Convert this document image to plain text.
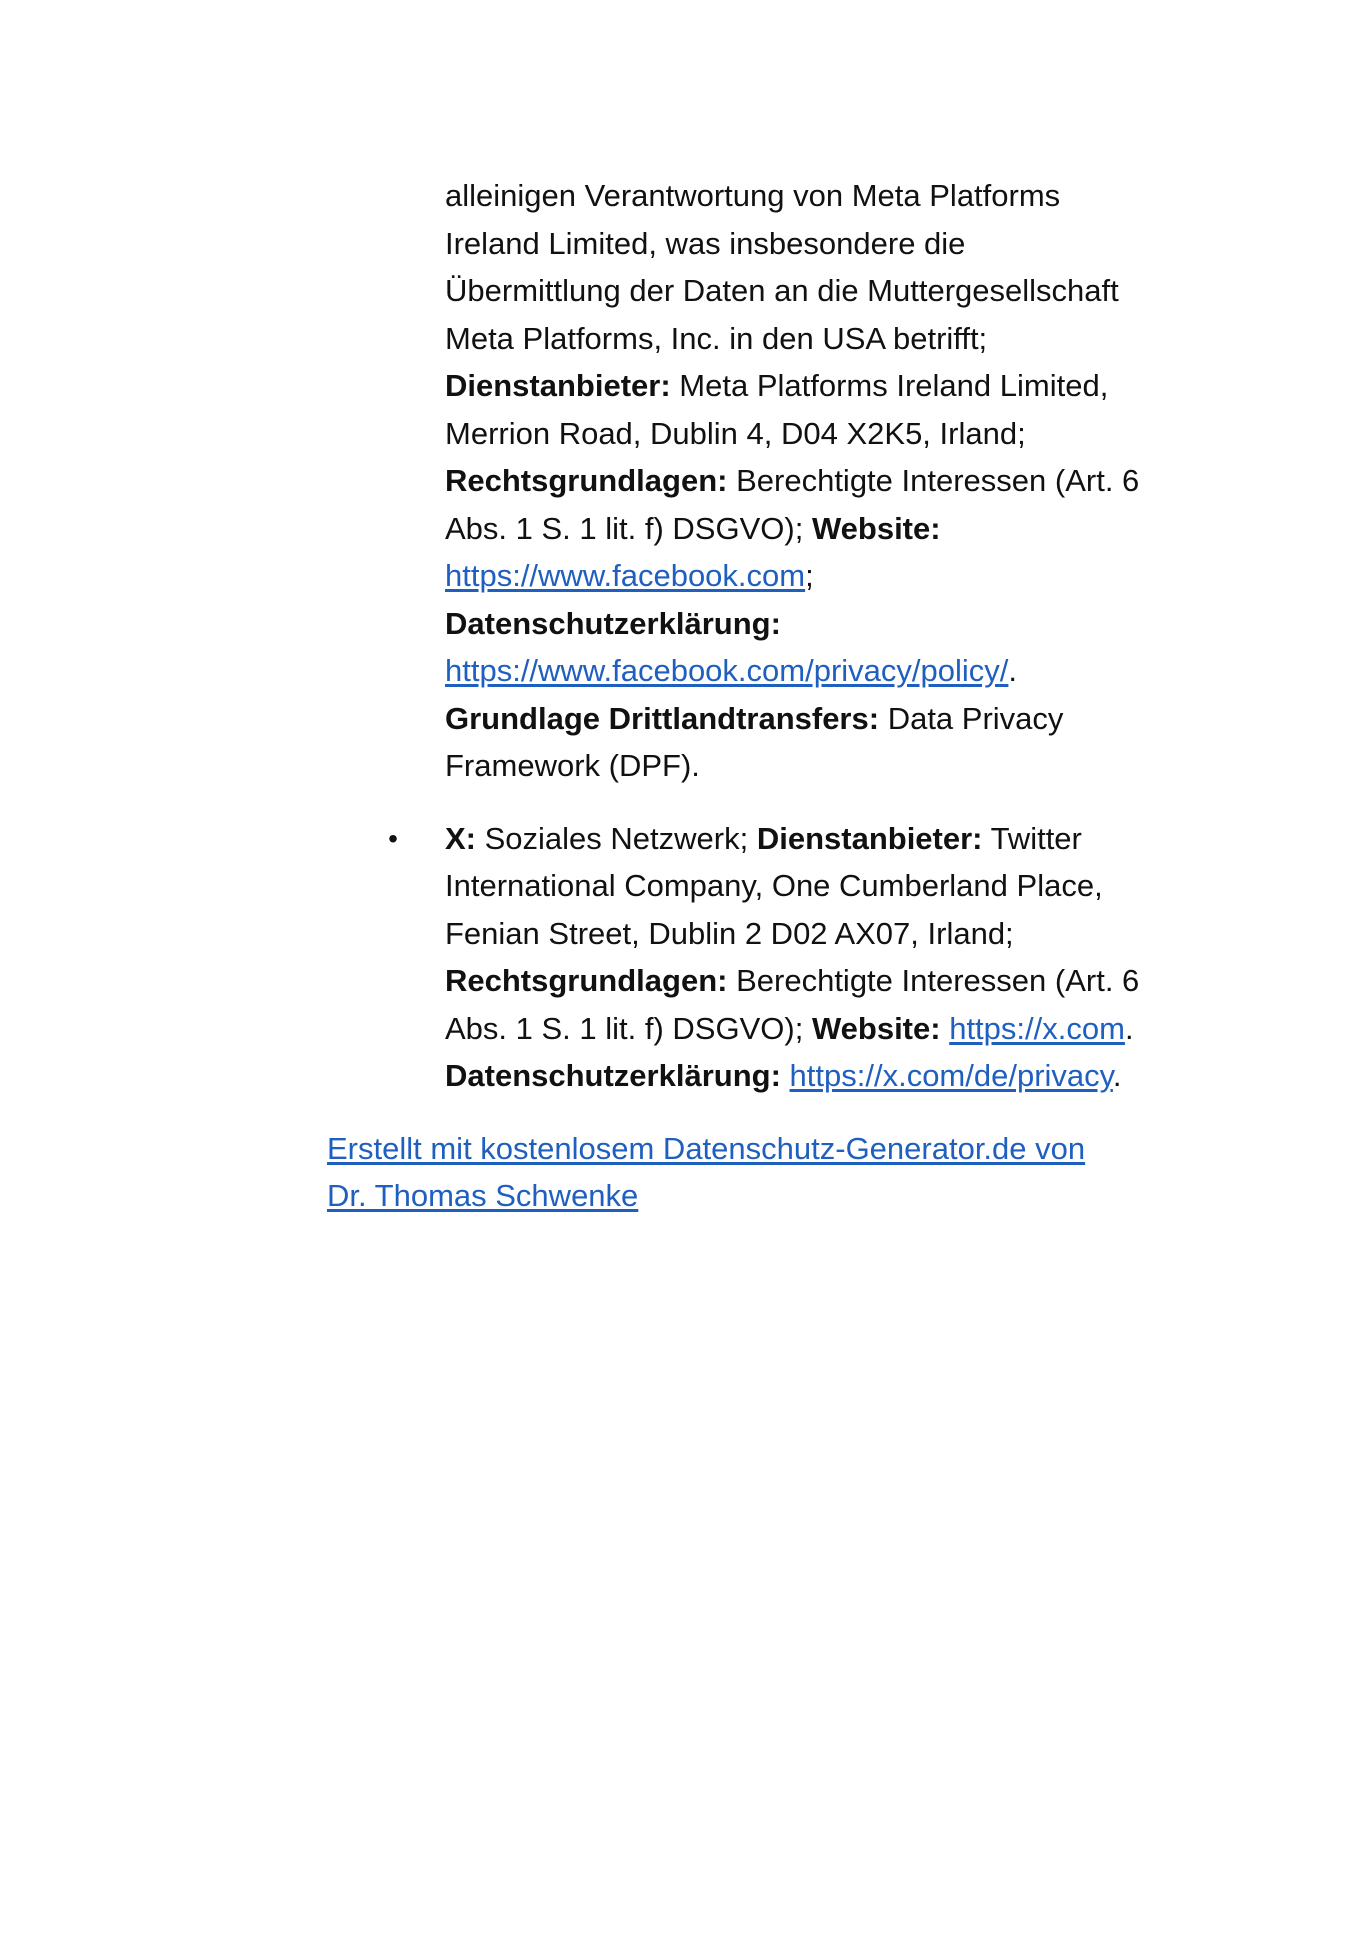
alleinigen Verantwortung von Meta Platforms Ireland Limited, was insbesondere die Übermittlung der Daten an die Muttergesellschaft Meta Platforms, Inc. in den USA betrifft; Dienstanbieter: Meta Platforms Ireland Limited, Merrion Road, Dublin 4, D04 X2K5, Irland; Rechtsgrundlagen: Berechtigte Interessen (Art. 6 Abs. 1 S. 1 lit. f) DSGVO); Website: https://www.facebook.com; Datenschutzerklärung: https://www.facebook.com/privacy/policy/. Grundlage Drittlandtransfers: Data Privacy Framework (DPF).

• X: Soziales Netzwerk; Dienstanbieter: Twitter International Company, One Cumberland Place, Fenian Street, Dublin 2 D02 AX07, Irland; Rechtsgrundlagen: Berechtigte Interessen (Art. 6 Abs. 1 S. 1 lit. f) DSGVO); Website: https://x.com. Datenschutzerklärung: https://x.com/de/privacy.

Erstellt mit kostenlosem Datenschutz-Generator.de von Dr. Thomas Schwenke
